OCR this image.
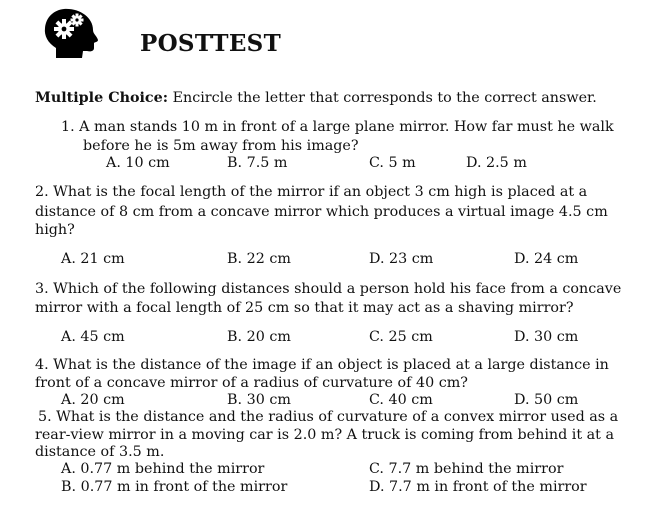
POSTTEST
Multiple Choice: Encircle the letter that corresponds to the correct answer.
1. A man stands 10 m in front of a large plane mirror. How far must he walk
before he is 5m away from his image?
A. 10 cm	B. 7.5 m	C. 5 m	D. 2.5 m
2. What is the focal length of the mirror if an object 3 cm high is placed at a
distance of 8 cm from a concave mirror which produces a virtual image 4.5 cm
high?
A. 21 cm	B. 22 cm	D. 23 cm	D. 24 cm
3. Which of the following distances should a person hold his face from a concave
mirror with a focal length of 25 cm so that it may act as a shaving mirror?
A. 45 cm	B. 20 cm	C. 25 cm	D. 30 cm
4. What is the distance of the image if an object is placed at a large distance in
front of a concave mirror of a radius of curvature of 40 cm?
A. 20 cm	B. 30 cm	C. 40 cm	D. 50 cm
5. What is the distance and the radius of curvature of a convex mirror used as a
rear-view mirror in a moving car is 2.0 m? A truck is coming from behind it at a
distance of 3.5 m.
A. 0.77 m behind the mirror	C. 7.7 m behind the mirror
B. 0.77 m in front of the mirror	D. 7.7 m in front of the mirror
